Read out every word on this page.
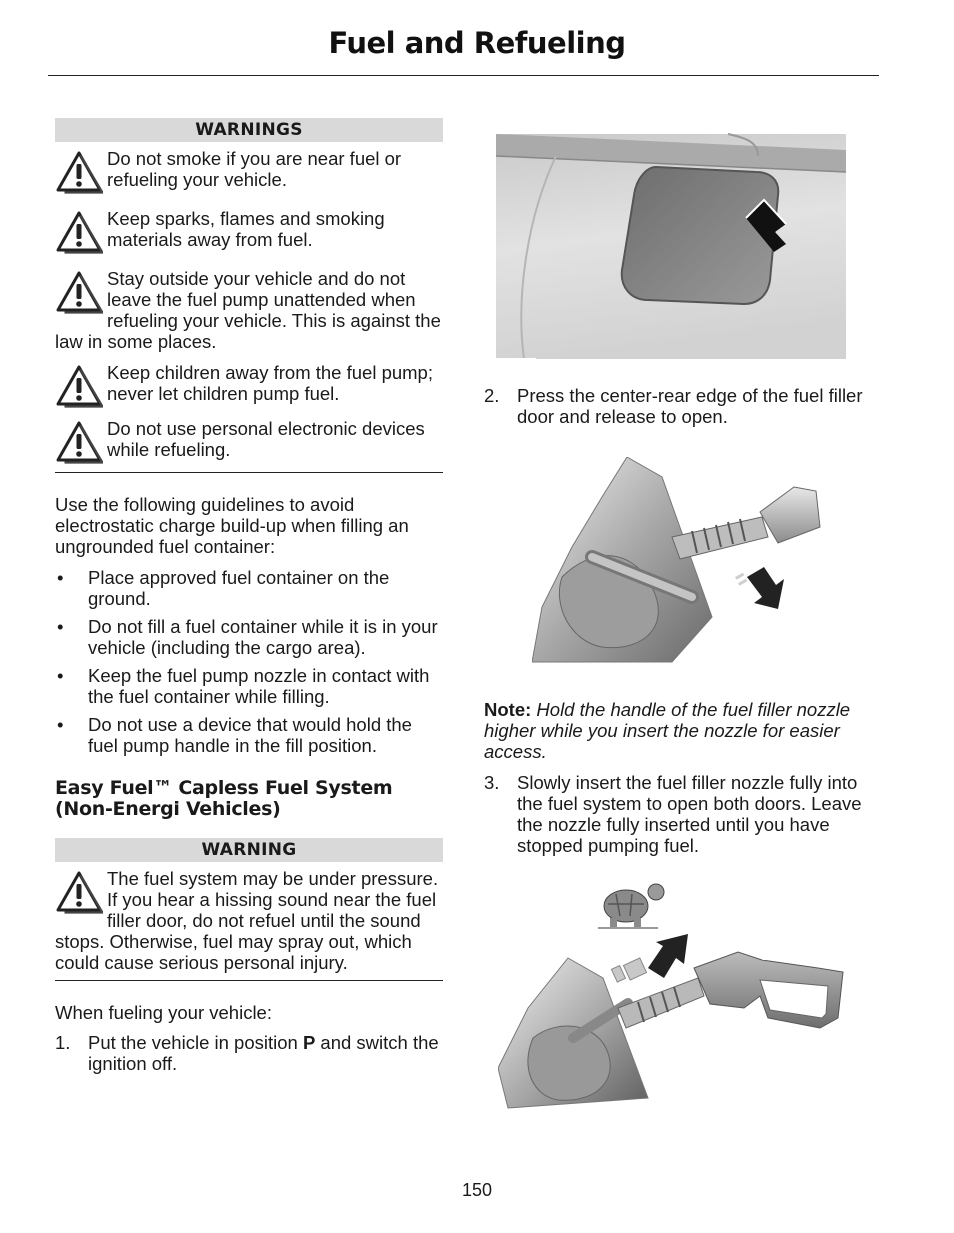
Fuel and Refueling
WARNINGS
Do not smoke if you are near fuel or refueling your vehicle.
Keep sparks, flames and smoking materials away from fuel.
Stay outside your vehicle and do not leave the fuel pump unattended when refueling your vehicle. This is against the law in some places.
Keep children away from the fuel pump; never let children pump fuel.
Do not use personal electronic devices while refueling.

Use the following guidelines to avoid electrostatic charge build-up when filling an ungrounded fuel container:

• Place approved fuel container on the ground.
• Do not fill a fuel container while it is in your vehicle (including the cargo area).
• Keep the fuel pump nozzle in contact with the fuel container while filling.
• Do not use a device that would hold the fuel pump handle in the fill position.
Easy Fuel™ Capless Fuel System (Non-Energi Vehicles)
WARNING
The fuel system may be under pressure. If you hear a hissing sound near the fuel filler door, do not refuel until the sound stops. Otherwise, fuel may spray out, which could cause serious personal injury.

When fueling your vehicle:

1. Put the vehicle in position P and switch the ignition off.
2. Press the center-rear edge of the fuel filler door and release to open.
Note: Hold the handle of the fuel filler nozzle higher while you insert the nozzle for easier access.
3. Slowly insert the fuel filler nozzle fully into the fuel system to open both doors. Leave the nozzle fully inserted until you have stopped pumping fuel.
150
